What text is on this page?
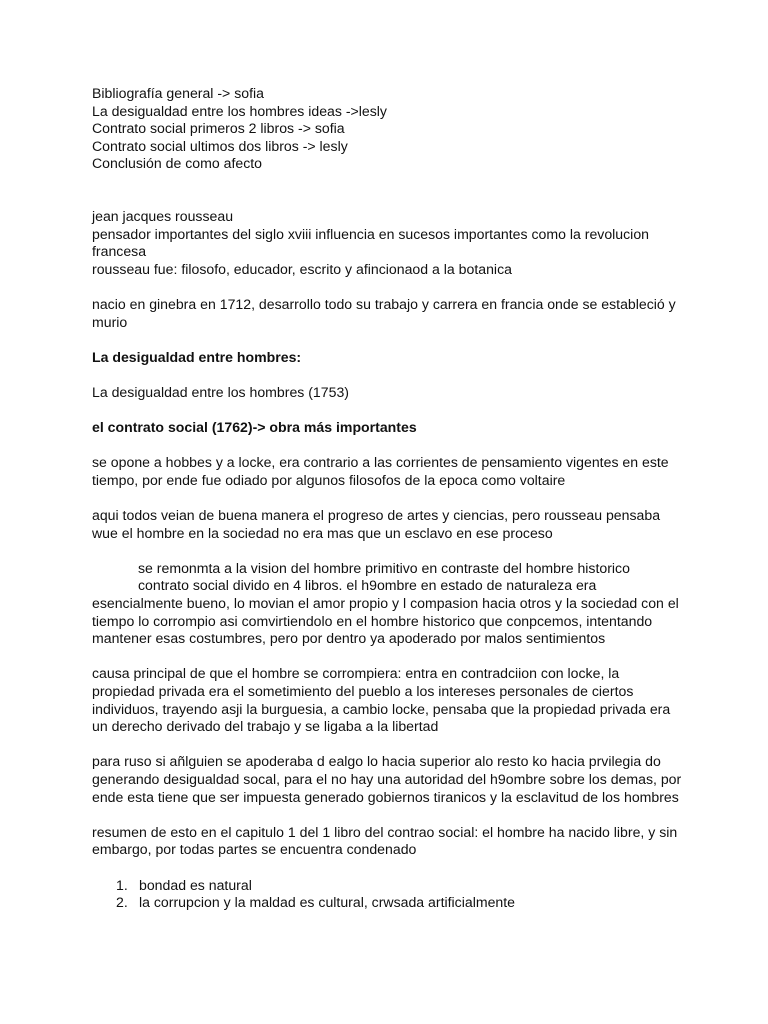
Bibliografía general -> sofia

La desigualdad entre los hombres ideas ->lesly

Contrato social primeros 2 libros -> sofia

Contrato social ultimos dos libros -> lesly

Conclusión de como afecto

jean jacques rousseau

pensador importantes del siglo xviii influencia en sucesos importantes como la revolucion francesa

rousseau fue: filosofo, educador, escrito y afincionaod a la botanica

nacio en ginebra en 1712, desarrollo todo su trabajo y carrera en francia onde se estableció y murio

La desigualdad entre hombres:

La desigualdad entre los hombres (1753)

el contrato social (1762)-> obra más importantes

se opone a hobbes y a locke, era contrario a las corrientes de pensamiento vigentes en este tiempo, por ende fue odiado por algunos filosofos de la epoca como voltaire

aqui todos veian de buena manera el progreso de artes y ciencias, pero rousseau pensaba wue el hombre en la sociedad no era mas que un esclavo en ese proceso

se remonmta a la vision del hombre primitivo en contraste del hombre historico

contrato social divido en 4 libros. el h9ombre en estado de naturaleza era esencialmente bueno, lo movian el amor propio y l compasion hacia otros y la sociedad con el tiempo lo corrompio asi comvirtiendolo en el hombre historico que conpcemos, intentando mantener esas costumbres, pero por dentro ya apoderado por malos sentimientos

causa principal de que el hombre se corrompiera: entra en contradciion con locke, la propiedad privada era el sometimiento del pueblo a los intereses personales de ciertos individuos, trayendo asji la burguesia, a cambio locke, pensaba que la propiedad privada era un derecho derivado del trabajo y se ligaba a la libertad

para ruso si añlguien se apoderaba d ealgo lo hacia superior alo resto ko hacia prvilegia do generando desigualdad socal, para el no hay una autoridad del h9ombre sobre los demas, por ende esta tiene que ser impuesta generado gobiernos tiranicos y la esclavitud de los hombres

resumen de esto en el capitulo 1 del 1 libro del contrao social: el hombre ha nacido libre, y sin embargo, por todas partes se encuentra condenado

1. bondad es natural
2. la corrupcion y la maldad es cultural, crwsada artificialmente
